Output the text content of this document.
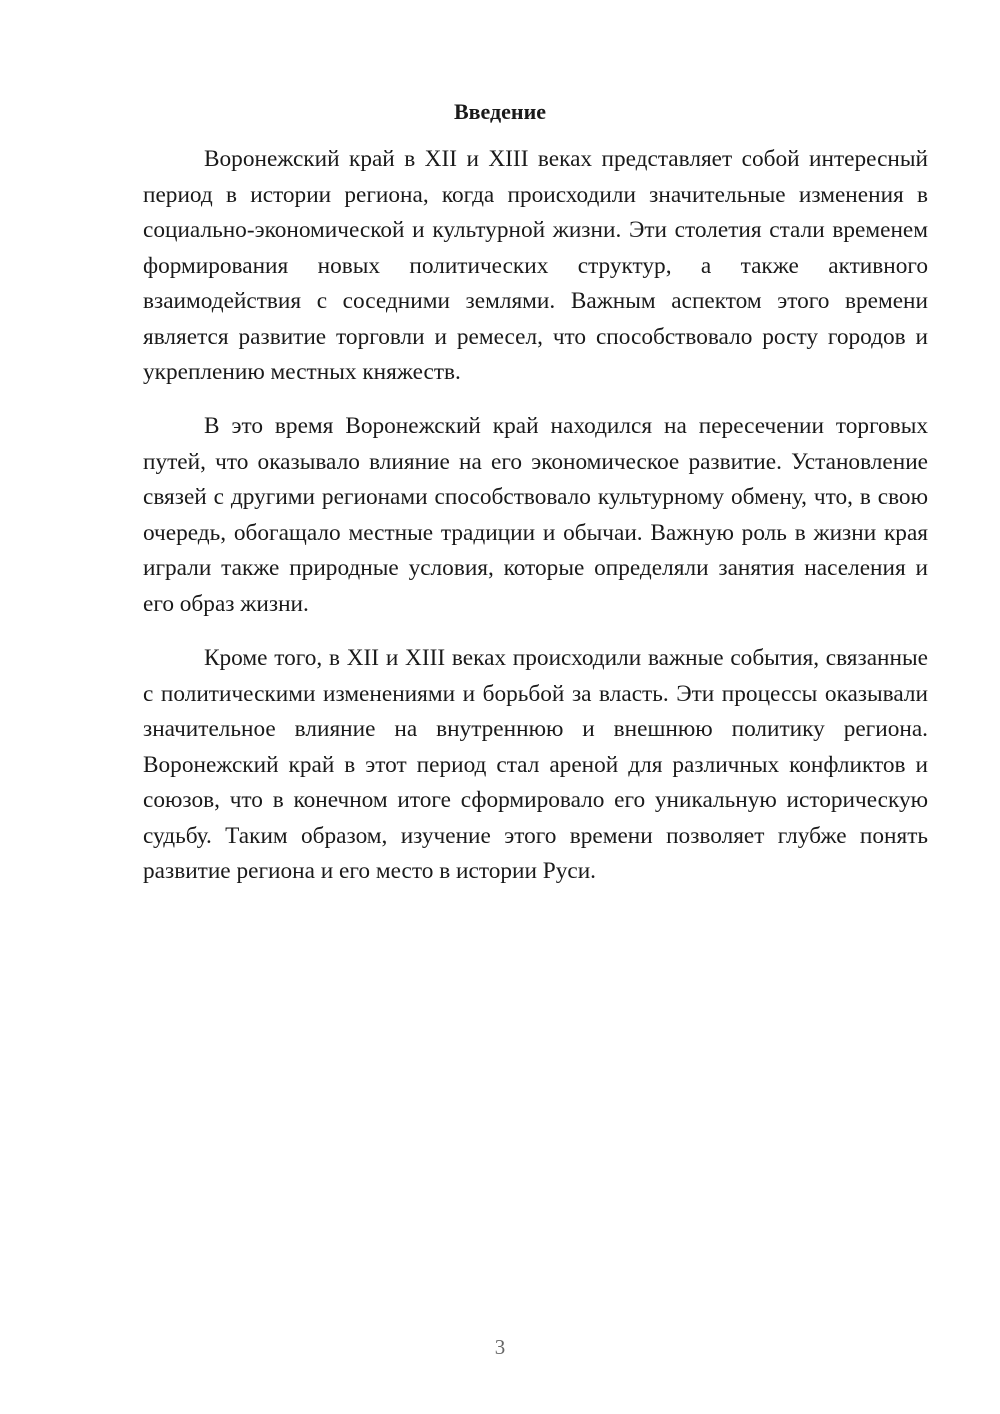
Введение

Воронежский край в XII и XIII веках представляет собой интересный период в истории региона, когда происходили значительные изменения в социально-экономической и культурной жизни. Эти столетия стали временем формирования новых политических структур, а также активного взаимодействия с соседними землями. Важным аспектом этого времени является развитие торговли и ремесел, что способствовало росту городов и укреплению местных княжеств.

В это время Воронежский край находился на пересечении торговых путей, что оказывало влияние на его экономическое развитие. Установление связей с другими регионами способствовало культурному обмену, что, в свою очередь, обогащало местные традиции и обычаи. Важную роль в жизни края играли также природные условия, которые определяли занятия населения и его образ жизни.

Кроме того, в XII и XIII веках происходили важные события, связанные с политическими изменениями и борьбой за власть. Эти процессы оказывали значительное влияние на внутреннюю и внешнюю политику региона. Воронежский край в этот период стал ареной для различных конфликтов и союзов, что в конечном итоге сформировало его уникальную историческую судьбу. Таким образом, изучение этого времени позволяет глубже понять развитие региона и его место в истории Руси.

3
